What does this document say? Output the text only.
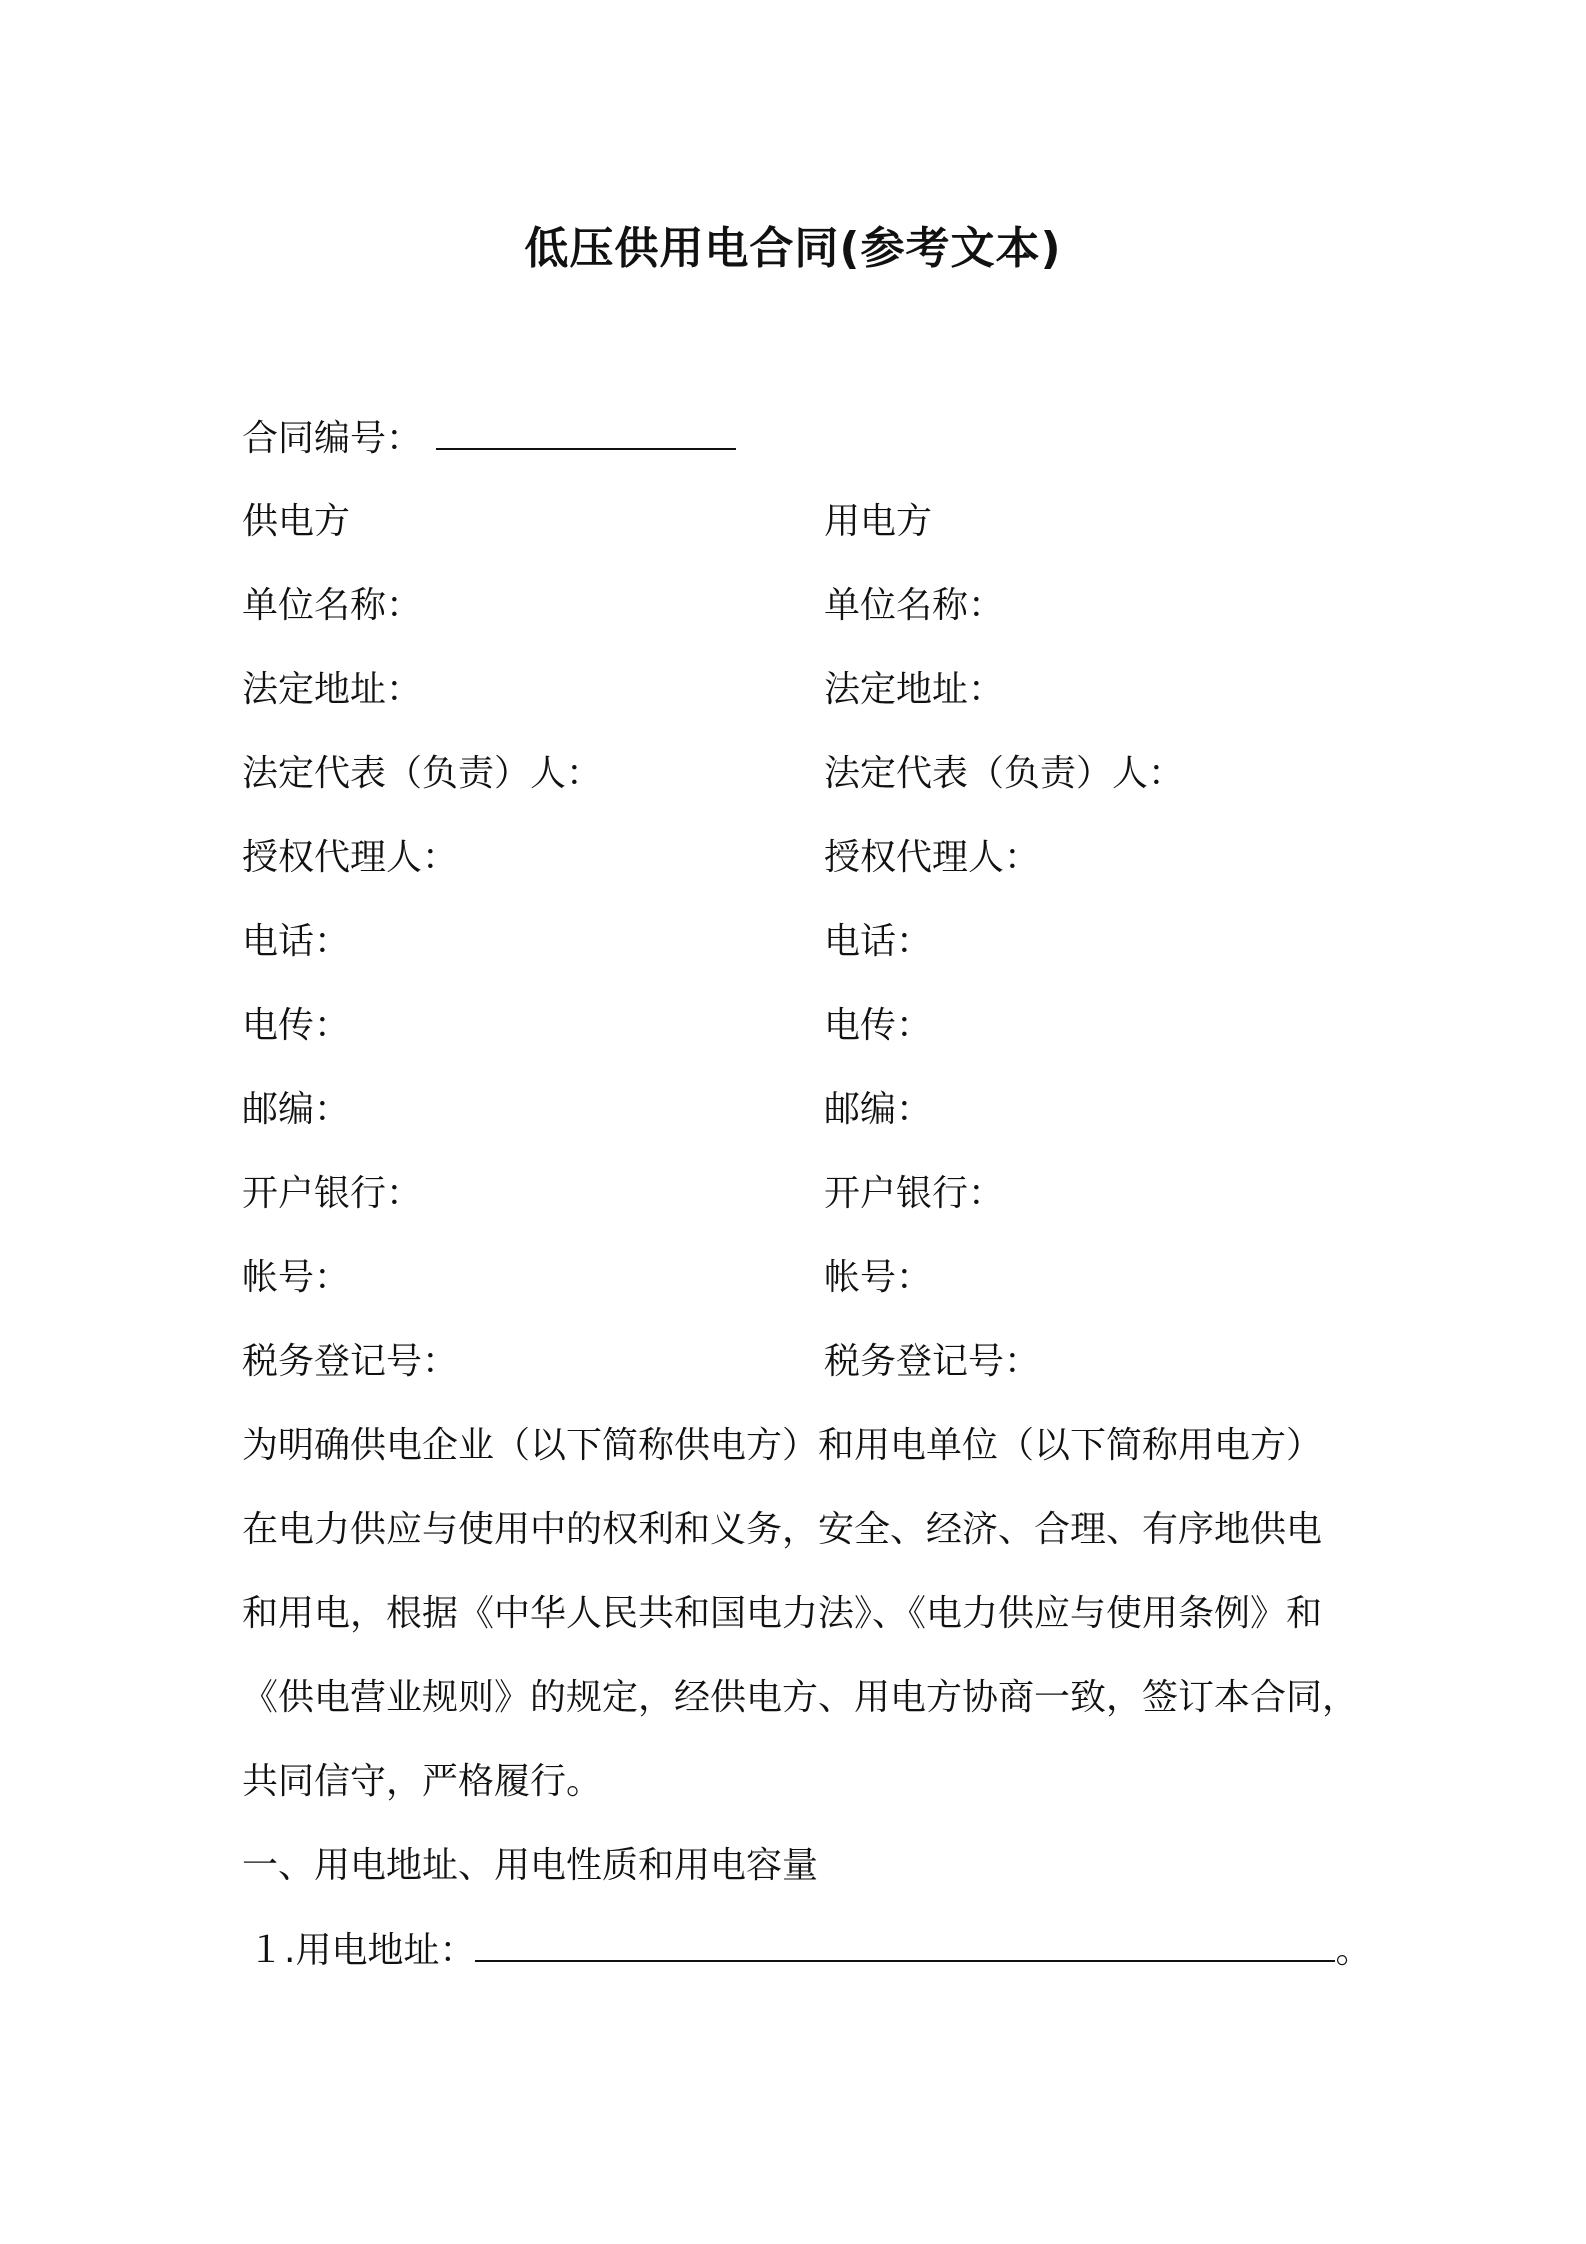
低压供用电合同(参考文本)
合同编号：
供电方
单位名称：
法定地址：
法定代表（负责）人：
授权代理人：
电话：
电传：
邮编：
开户银行：
帐号：
税务登记号：
用电方
单位名称：
法定地址：
法定代表（负责）人：
授权代理人：
电话：
电传：
邮编：
开户银行：
帐号：
税务登记号：
为明确供电企业（以下简称供电方）和用电单位（以下简称用电方）
在电力供应与使用中的权利和义务，安全、经济、合理、有序地供电
和用电，根据《中华人民共和国电力法》、《电力供应与使用条例》和
《供电营业规则》的规定，经供电方、用电方协商一致，签订本合同，
共同信守，严格履行。
一、用电地址、用电性质和用电容量
１.用电地址：	。
